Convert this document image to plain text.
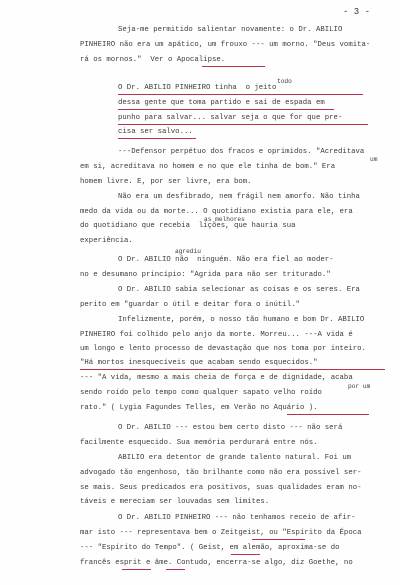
- 3 -
Seja-me permitido salientar novamente: o Dr. ABILIO
PINHEIRO não era um apático, um frouxo --- um morno. "Deus vomita-
rá os mornos."  Ver o Apocalipse.
todo
O Dr. ABILIO PINHEIRO tinha  o jeito
dessa gente que toma partido e sai de espada em
punho para salvar... salvar seja o que for que pre-
cisa ser salvo...
---Defensor perpétuo dos fracos e oprimidos. "Acreditava
um
em si, acreditava no homem e no que ele tinha de bom." Era
homem livre. E, por ser livre, era bom.
Não era um desfibrado, nem frágil nem amorfo. Não tinha
medo da vida ou da morte... O quotidiano existia para ele, era
as melhores
do quotidiano que recebia  lições, que hauria sua
experiência.
agrediu
O Dr. ABILIO não  ninguém. Não era fiel ao moder-
no e desumano princípio: "Agrida para não ser triturado."
O Dr. ABILIO sabia selecionar as coisas e os seres. Era
perito em "guardar o útil e deitar fora o inútil."
Infelizmente, porém, o nosso tão humano e bom Dr. ABILIO
PINHEIRO foi colhido pelo anjo da morte. Morreu... ---A vida é
um longo e lento processo de devastação que nos toma por inteiro.
"Há mortos inesquecíveis que acabam sendo esquecidos."
--- "A vida, mesmo a mais cheia de força e de dignidade, acaba
por um
sendo roído pelo tempo como qualquer sapato velho roído
rato." ( Lygia Fagundes Telles, em Verão no Aquário ).
O Dr. ABILIO --- estou bem certo disto --- não será
facilmente esquecido. Sua memória perdurará entre nós.
ABILIO era detentor de grande talento natural. Foi um
advogado tão engenhoso, tão brilhante como não era possível ser-
se mais. Seus predicados era positivos, suas qualidades eram no-
táveis e mereciam ser louvadas sem limites.
O Dr. ABILIO PINHEIRO --- não tenhamos receio de afir-
mar isto --- representava bem o Zeitgeist, ou "Espírito da Época
--- "Espírito do Tempo". ( Geist, em alemão, aproxima-se do
francês esprit e âme. Contudo, encerra-se algo, diz Goethe, no
